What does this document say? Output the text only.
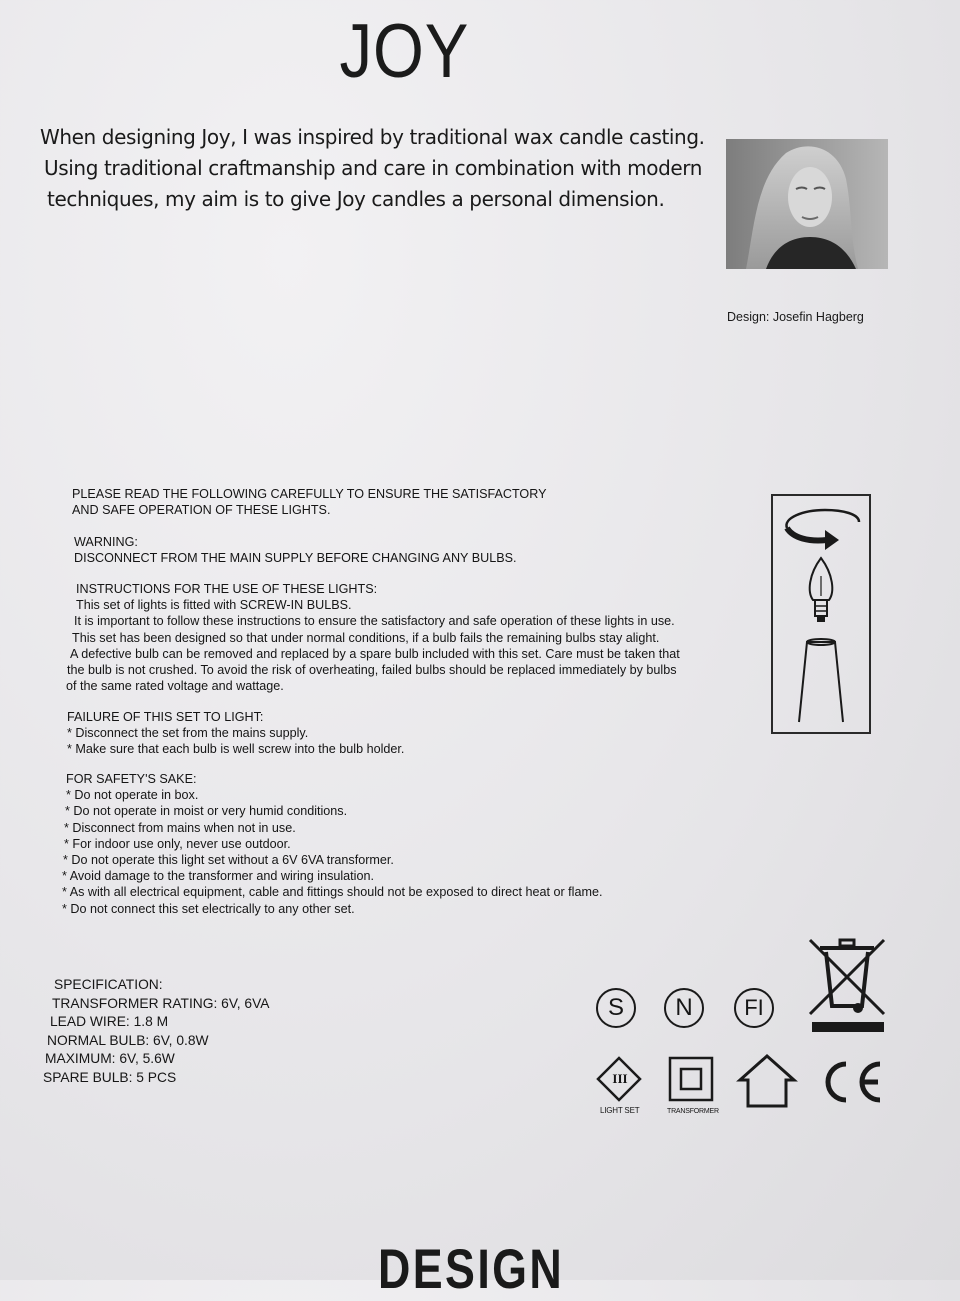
JOY
When designing Joy, I was inspired by traditional wax candle casting.
Using traditional craftmanship and care in combination with modern
techniques, my aim is to give Joy candles a personal dimension.
Design: Josefin Hagberg
PLEASE READ THE FOLLOWING CAREFULLY TO ENSURE THE SATISFACTORY
AND SAFE OPERATION OF THESE LIGHTS.
WARNING:
DISCONNECT FROM THE MAIN SUPPLY BEFORE CHANGING ANY BULBS.
INSTRUCTIONS FOR THE USE OF THESE LIGHTS:
This set of lights is fitted with SCREW-IN BULBS.
It is important to follow these instructions to ensure the satisfactory and safe operation of these lights in use.
This set has been designed so that under normal conditions, if a bulb fails the remaining bulbs stay alight.
A defective bulb can be removed and replaced by a spare bulb included with this set. Care must be taken that
the bulb is not crushed. To avoid the risk of overheating, failed bulbs should be replaced immediately by bulbs
of the same rated voltage and wattage.
FAILURE OF THIS SET TO LIGHT:
* Disconnect the set from the mains supply.
* Make sure that each bulb is well screw into the bulb holder.
FOR SAFETY'S SAKE:
* Do not operate in box.
* Do not operate in moist or very humid conditions.
* Disconnect from mains when not in use.
* For indoor use only, never use outdoor.
* Do not operate this light set without a 6V 6VA transformer.
* Avoid damage to the transformer and wiring insulation.
* As with all electrical equipment, cable and fittings should not be exposed to direct heat or flame.
* Do not connect this set electrically to any other set.
SPECIFICATION:
TRANSFORMER RATING: 6V, 6VA
LEAD WIRE: 1.8 M
NORMAL BULB: 6V, 0.8W
MAXIMUM: 6V, 5.6W
SPARE BULB: 5 PCS
S	N	FI
III
LIGHT SET	TRANSFORMER
DESIGN
